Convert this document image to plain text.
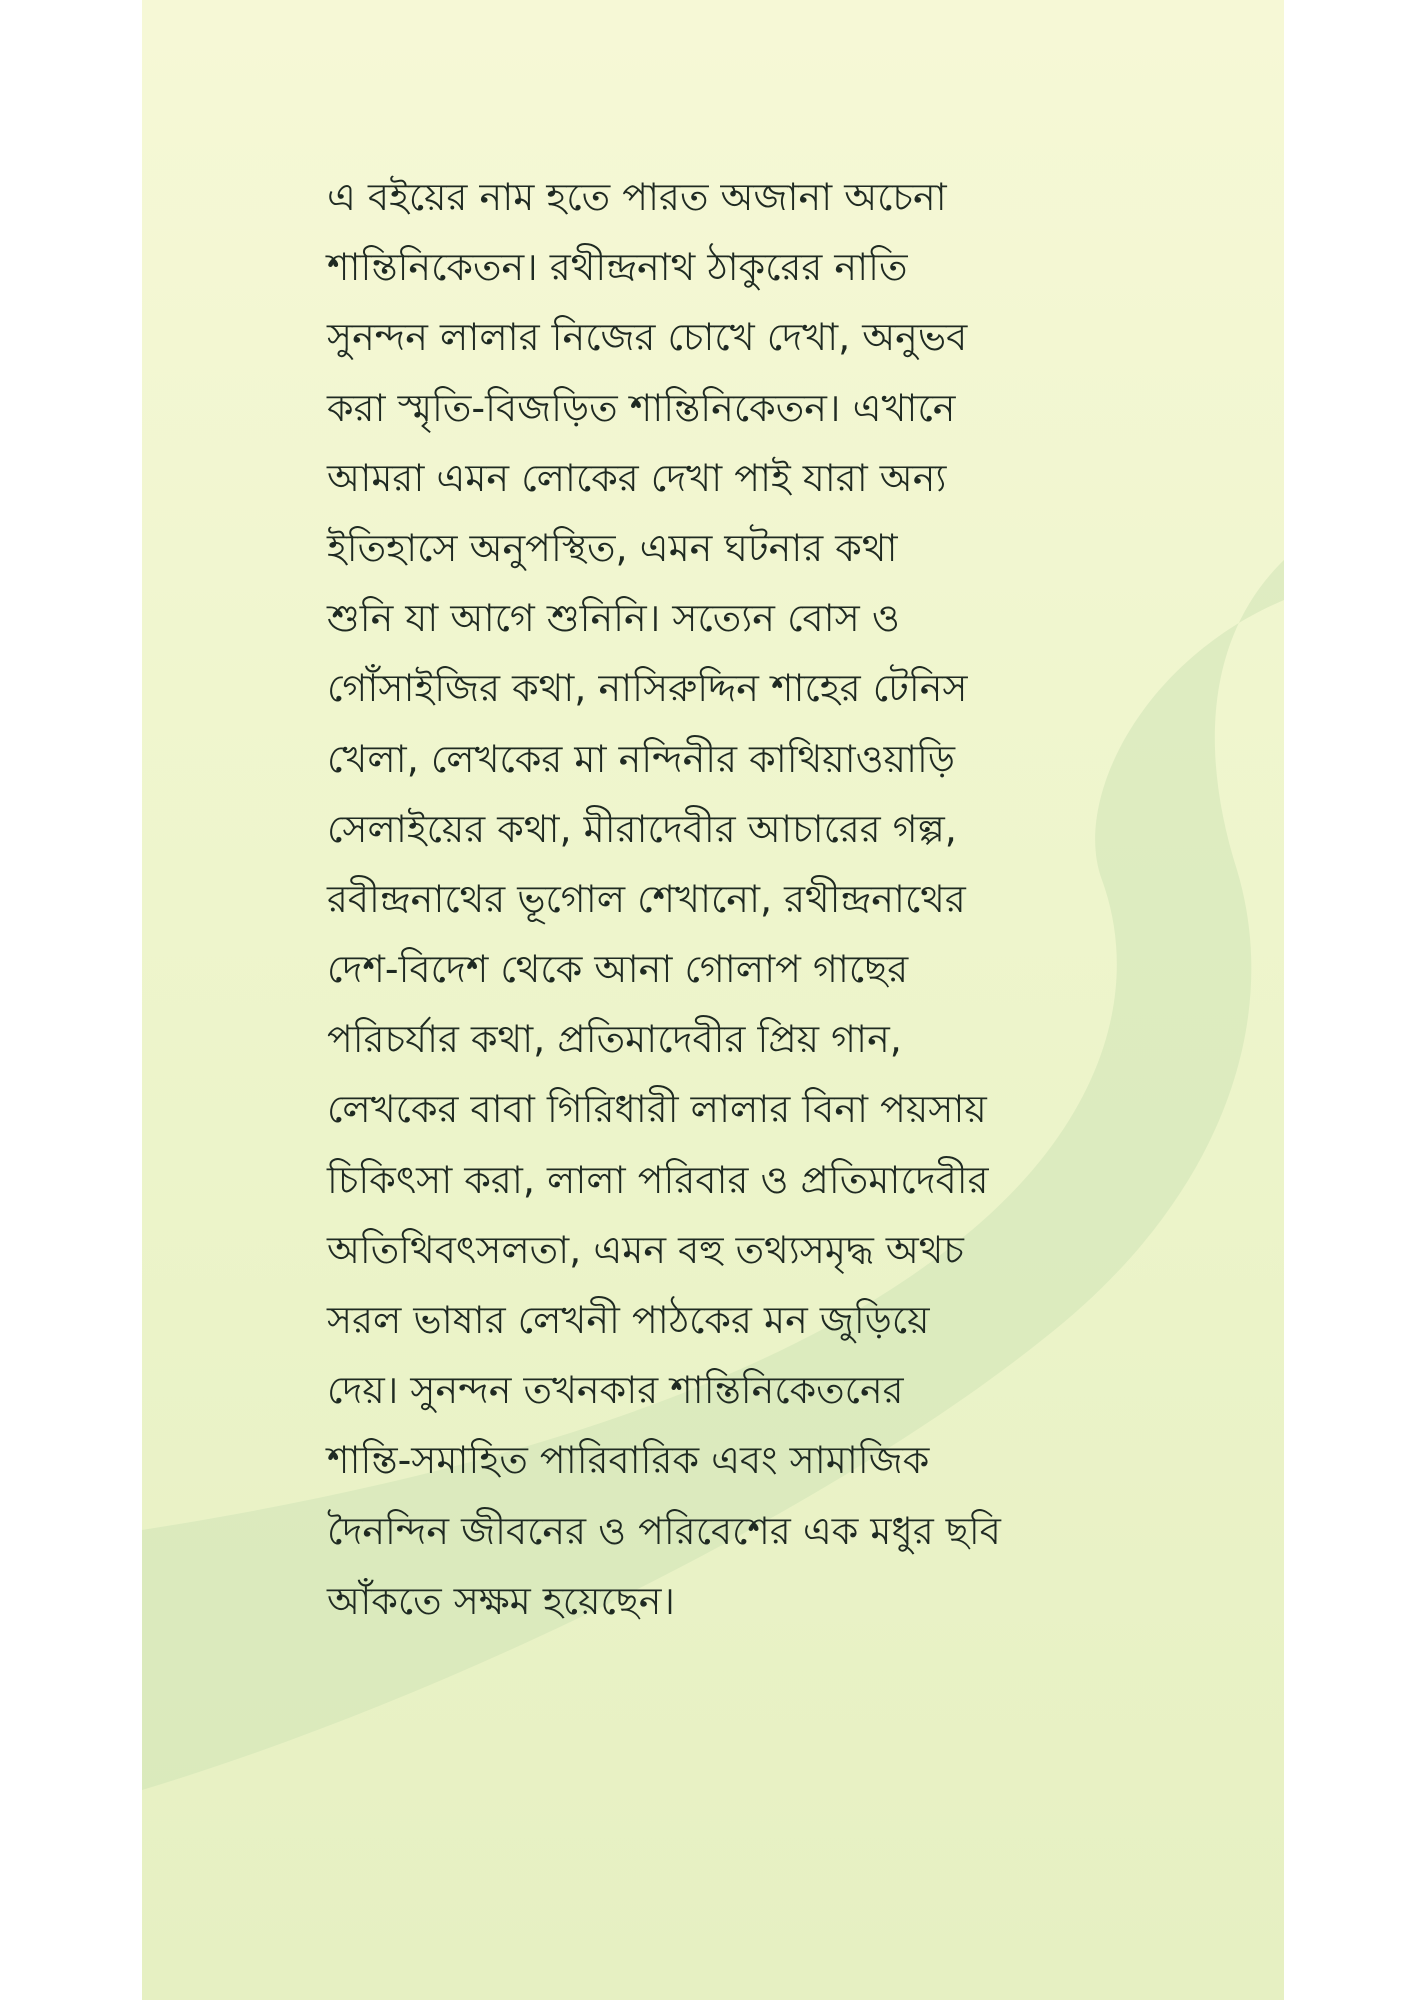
এ বইয়ের নাম হতে পারত অজানা অচেনা
শান্তিনিকেতন। রথীন্দ্রনাথ ঠাকুরের নাতি
সুনন্দন লালার নিজের চোখে দেখা, অনুভব
করা স্মৃতি-বিজড়িত শান্তিনিকেতন। এখানে
আমরা এমন লোকের দেখা পাই যারা অন্য
ইতিহাসে অনুপস্থিত, এমন ঘটনার কথা
শুনি যা আগে শুনিনি। সত্যেন বোস ও
গোঁসাইজির কথা, নাসিরুদ্দিন শাহের টেনিস
খেলা, লেখকের মা নন্দিনীর কাথিয়াওয়াড়ি
সেলাইয়ের কথা, মীরাদেবীর আচারের গল্প,
রবীন্দ্রনাথের ভূগোল শেখানো, রথীন্দ্রনাথের
দেশ-বিদেশ থেকে আনা গোলাপ গাছের
পরিচর্যার কথা, প্রতিমাদেবীর প্রিয় গান,
লেখকের বাবা গিরিধারী লালার বিনা পয়সায়
চিকিৎসা করা, লালা পরিবার ও প্রতিমাদেবীর
অতিথিবৎসলতা, এমন বহু তথ্যসমৃদ্ধ অথচ
সরল ভাষার লেখনী পাঠকের মন জুড়িয়ে
দেয়। সুনন্দন তখনকার শান্তিনিকেতনের
শান্তি-সমাহিত পারিবারিক এবং সামাজিক
দৈনন্দিন জীবনের ও পরিবেশের এক মধুর ছবি
আঁকতে সক্ষম হয়েছেন।
